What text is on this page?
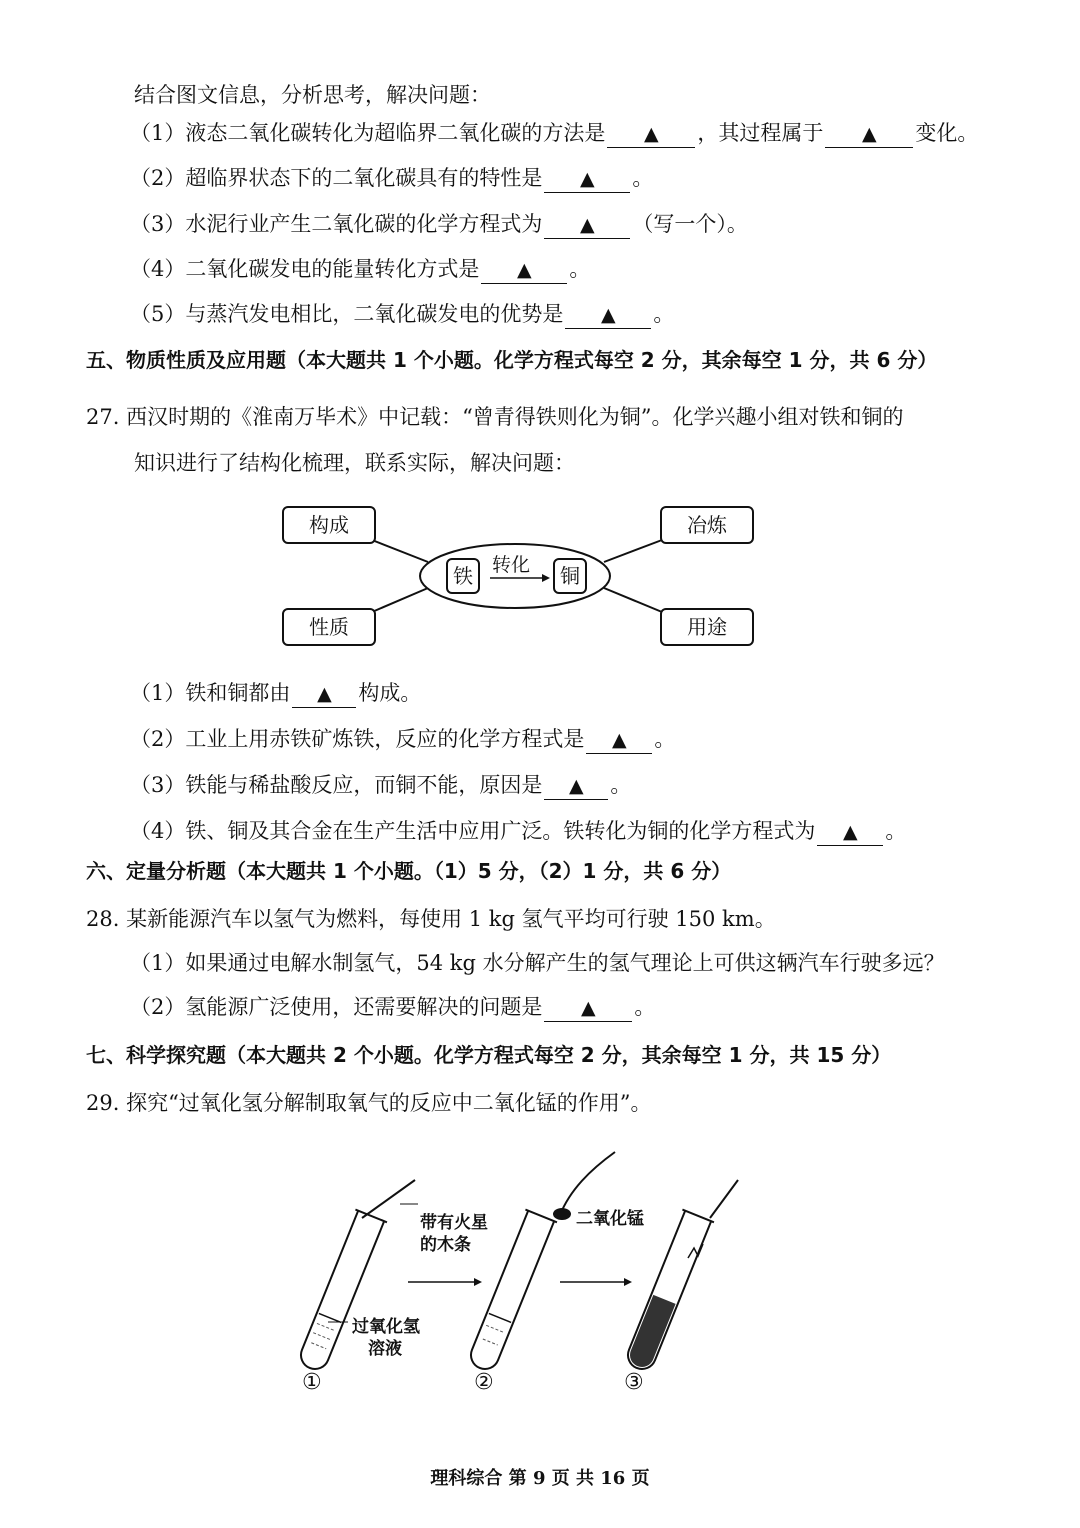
结合图文信息，分析思考，解决问题：
（1）液态二氧化碳转化为超临界二氧化碳的方法是 ▲ ，其过程属于 ▲ 变化。
（2）超临界状态下的二氧化碳具有的特性是 ▲ 。
（3）水泥行业产生二氧化碳的化学方程式为 ▲ （写一个）。
（4）二氧化碳发电的能量转化方式是 ▲ 。
（5）与蒸汽发电相比，二氧化碳发电的优势是 ▲ 。
五、物质性质及应用题（本大题共 1 个小题。化学方程式每空 2 分，其余每空 1 分，共 6 分）
27. 西汉时期的《淮南万毕术》中记载：“曾青得铁则化为铜”。化学兴趣小组对铁和铜的
知识进行了结构化梳理，联系实际，解决问题：
构成	冶炼
性质	用途
铁	铜
转化
（1）铁和铜都由 ▲ 构成。
（2）工业上用赤铁矿炼铁，反应的化学方程式是 ▲ 。
（3）铁能与稀盐酸反应，而铜不能，原因是 ▲ 。
（4）铁、铜及其合金在生产生活中应用广泛。铁转化为铜的化学方程式为 ▲ 。
六、定量分析题（本大题共 1 个小题。（1）5 分，（2）1 分，共 6 分）
28. 某新能源汽车以氢气为燃料，每使用 1 kg 氢气平均可行驶 150 km。
（1）如果通过电解水制氢气，54 kg 水分解产生的氢气理论上可供这辆汽车行驶多远？
（2）氢能源广泛使用，还需要解决的问题是 ▲ 。
七、科学探究题（本大题共 2 个小题。化学方程式每空 2 分，其余每空 1 分，共 15 分）
29. 探究“过氧化氢分解制取氧气的反应中二氧化锰的作用”。
带有火星
的木条
过氧化氢
溶液
二氧化锰
①	②	③
理科综合 第 9 页 共 16 页
